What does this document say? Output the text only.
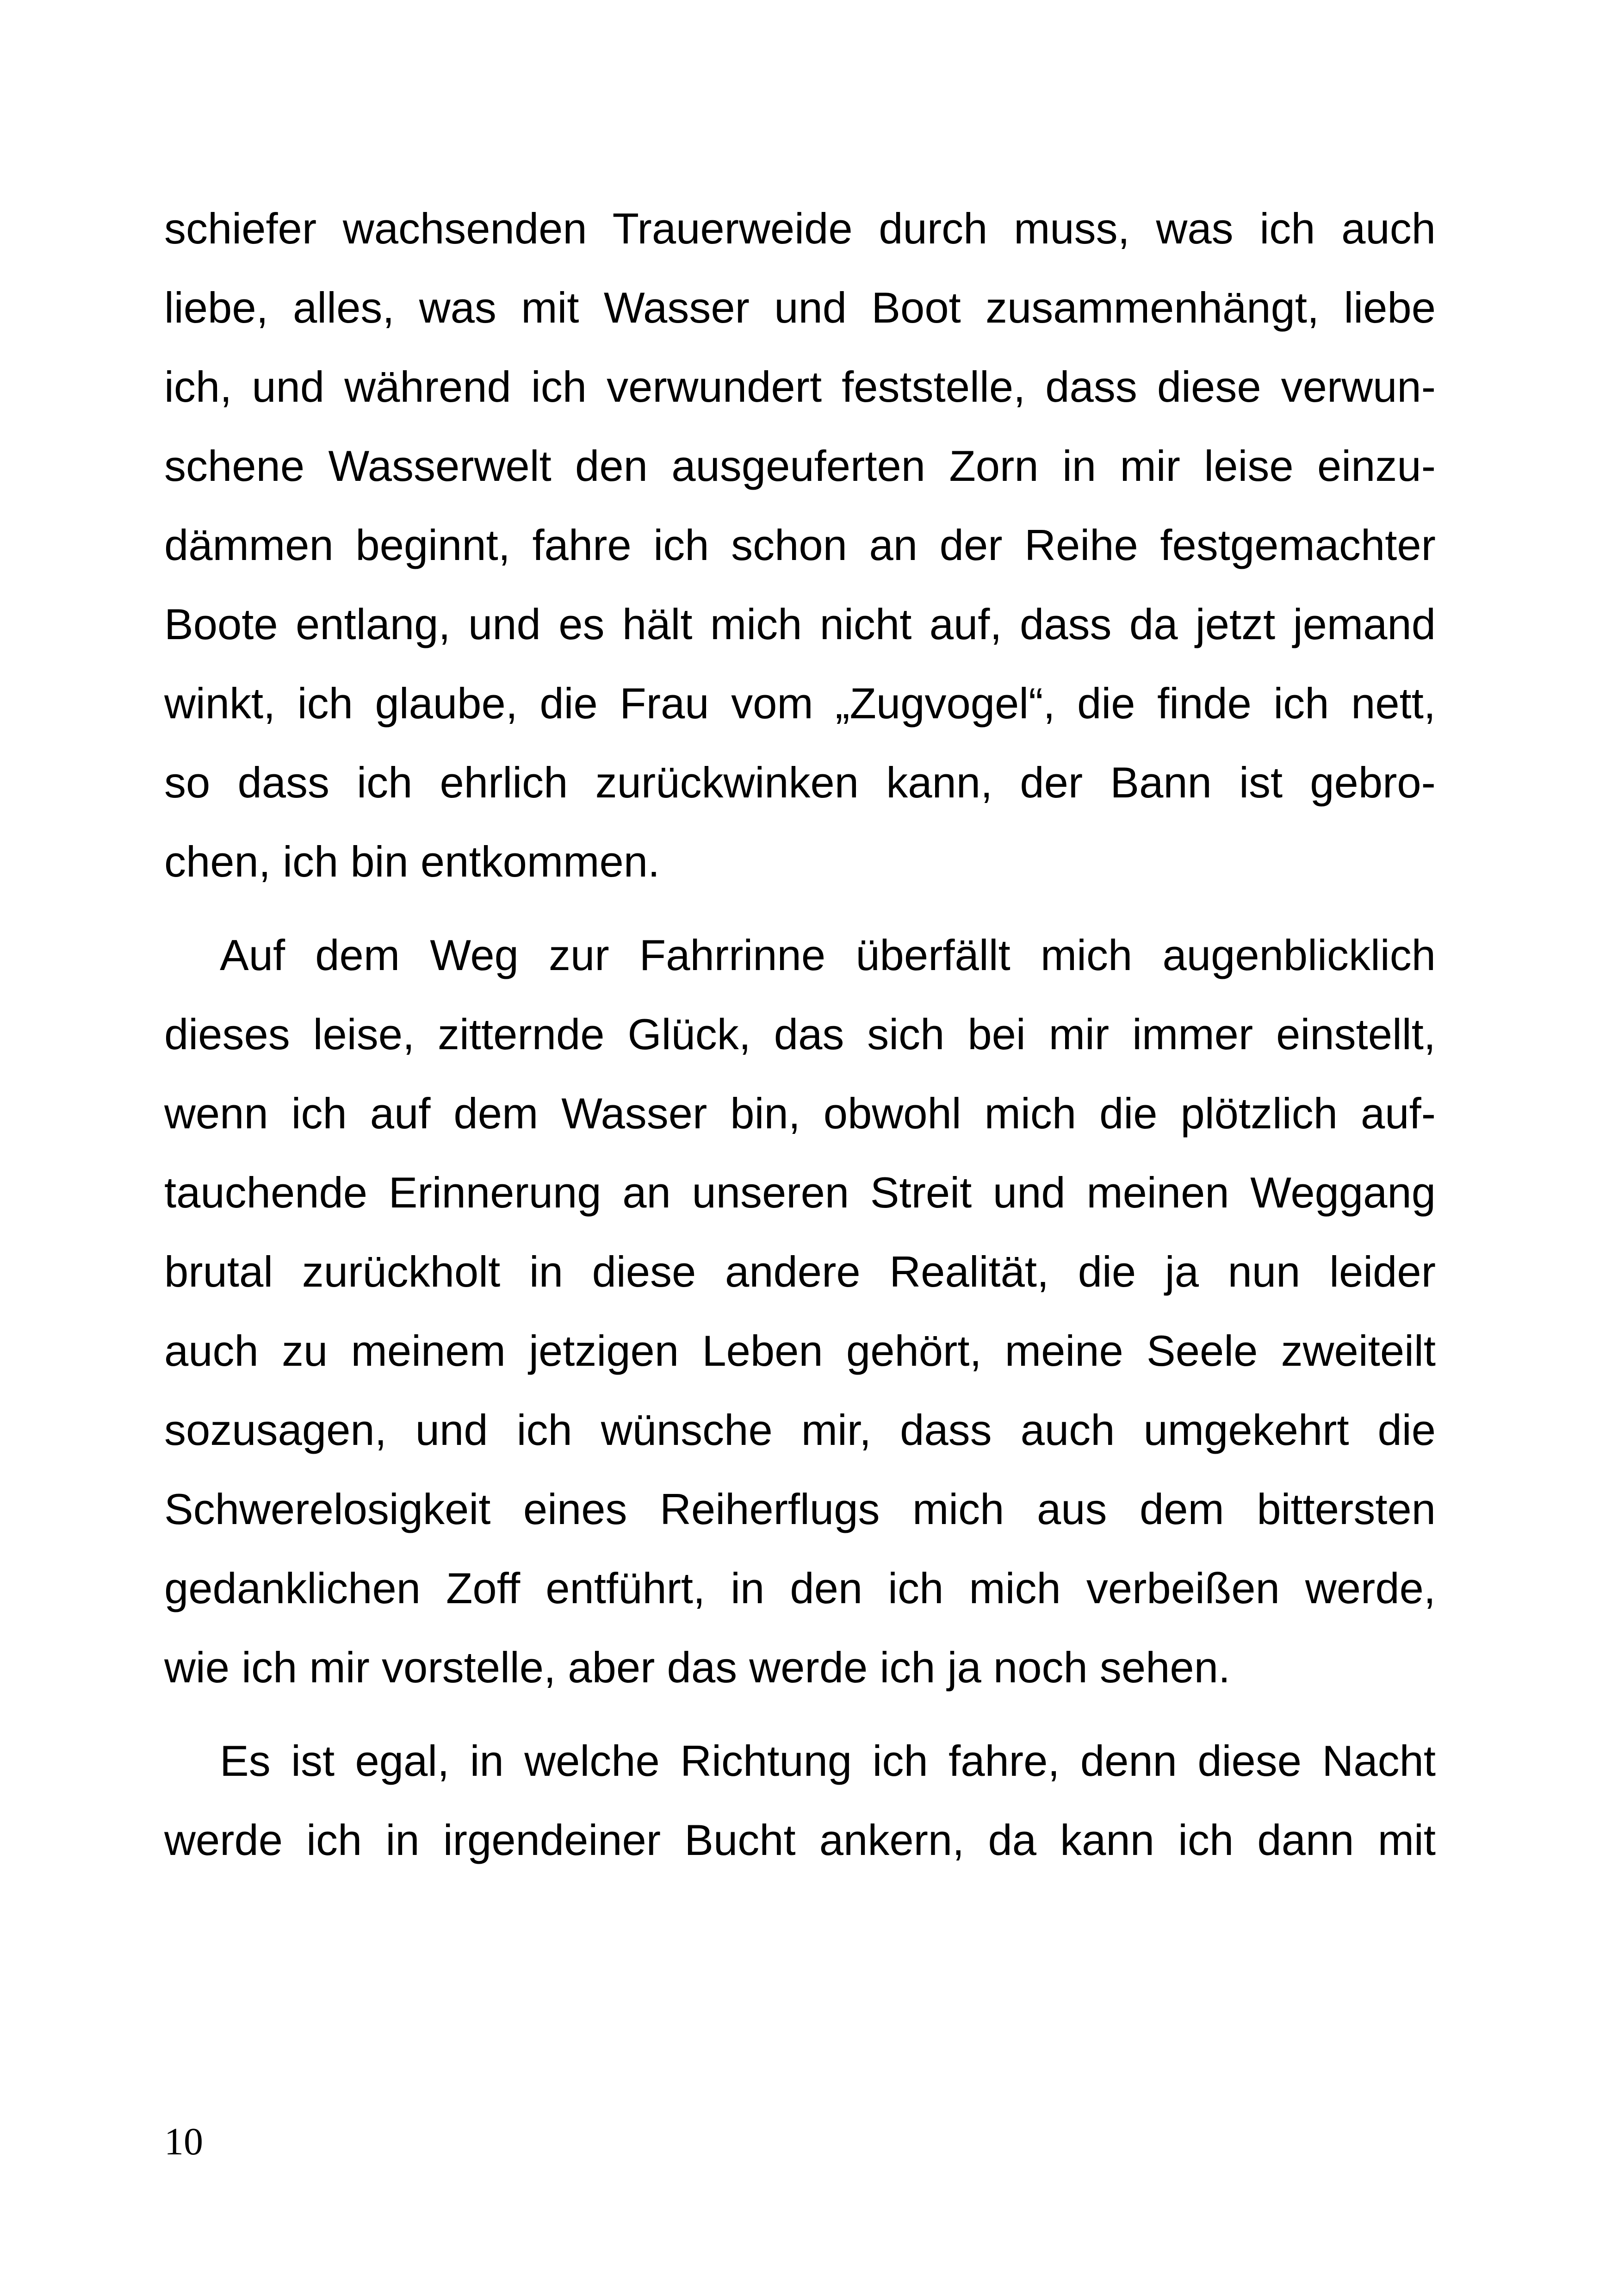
schiefer wachsenden Trauerweide durch muss, was ich auch
liebe, alles, was mit Wasser und Boot zusammenhängt, liebe
ich, und während ich verwundert feststelle, dass diese verwun-
schene Wasserwelt den ausgeuferten Zorn in mir leise einzu-
dämmen beginnt, fahre ich schon an der Reihe festgemachter
Boote entlang, und es hält mich nicht auf, dass da jetzt jemand
winkt, ich glaube, die Frau vom „Zugvogel“, die finde ich nett,
so dass ich ehrlich zurückwinken kann, der Bann ist gebro-
chen, ich bin entkommen.
Auf dem Weg zur Fahrrinne überfällt mich augenblicklich
dieses leise, zitternde Glück, das sich bei mir immer einstellt,
wenn ich auf dem Wasser bin, obwohl mich die plötzlich auf-
tauchende Erinnerung an unseren Streit und meinen Weggang
brutal zurückholt in diese andere Realität, die ja nun leider
auch zu meinem jetzigen Leben gehört, meine Seele zweiteilt
sozusagen, und ich wünsche mir, dass auch umgekehrt die
Schwerelosigkeit eines Reiherflugs mich aus dem bittersten
gedanklichen Zoff entführt, in den ich mich verbeißen werde,
wie ich mir vorstelle, aber das werde ich ja noch sehen.
Es ist egal, in welche Richtung ich fahre, denn diese Nacht
werde ich in irgendeiner Bucht ankern, da kann ich dann mit
10
